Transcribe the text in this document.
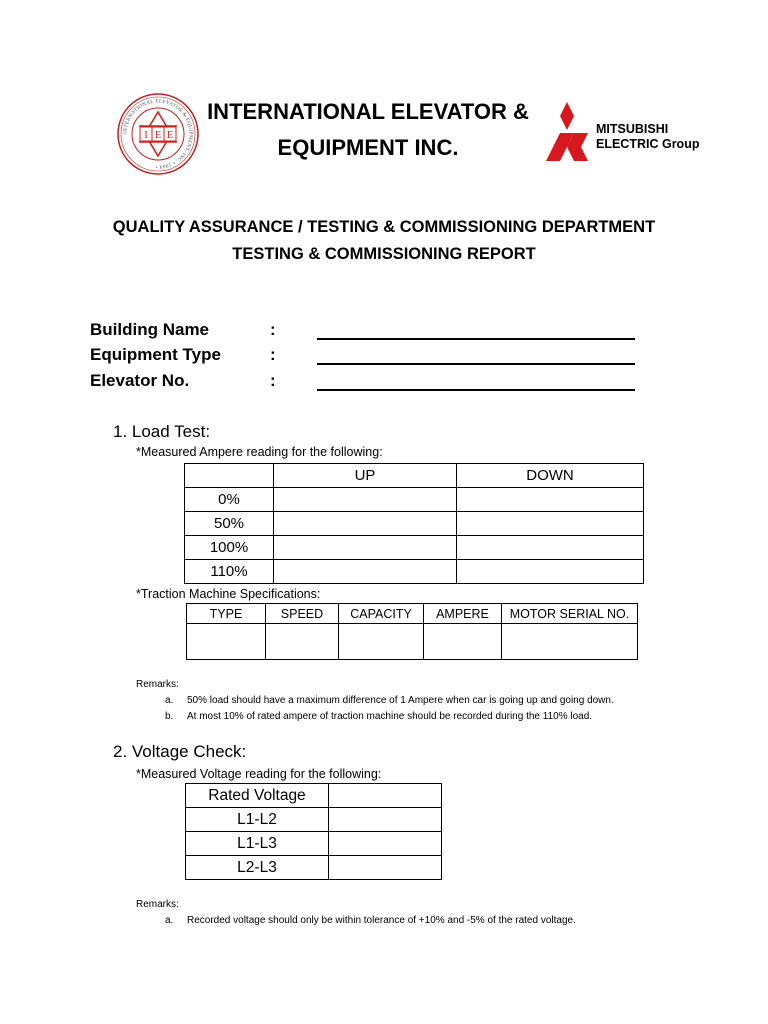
I E E
INTERNATIONAL ELEVATOR & EQUIPMENT, INC. • 1969 •
INTERNATIONAL ELEVATOR &
EQUIPMENT INC.
MITSUBISHI
ELECTRIC Group
QUALITY ASSURANCE / TESTING & COMMISSIONING DEPARTMENT
TESTING & COMMISSIONING REPORT
Building Name	:
Equipment Type	:
Elevator No.	:
1. Load Test:
*Measured Ampere reading for the following:
	UP	DOWN
0%		
50%		
100%		
110%		
*Traction Machine Specifications:
TYPE	SPEED	CAPACITY	AMPERE	MOTOR SERIAL NO.

Remarks:
a. 50% load should have a maximum difference of 1 Ampere when car is going up and going down.
b. At most 10% of rated ampere of traction machine should be recorded during the 110% load.
2. Voltage Check:
*Measured Voltage reading for the following:
Rated Voltage	
L1-L2	
L1-L3	
L2-L3	
Remarks:
a. Recorded voltage should only be within tolerance of +10% and -5% of the rated voltage.
